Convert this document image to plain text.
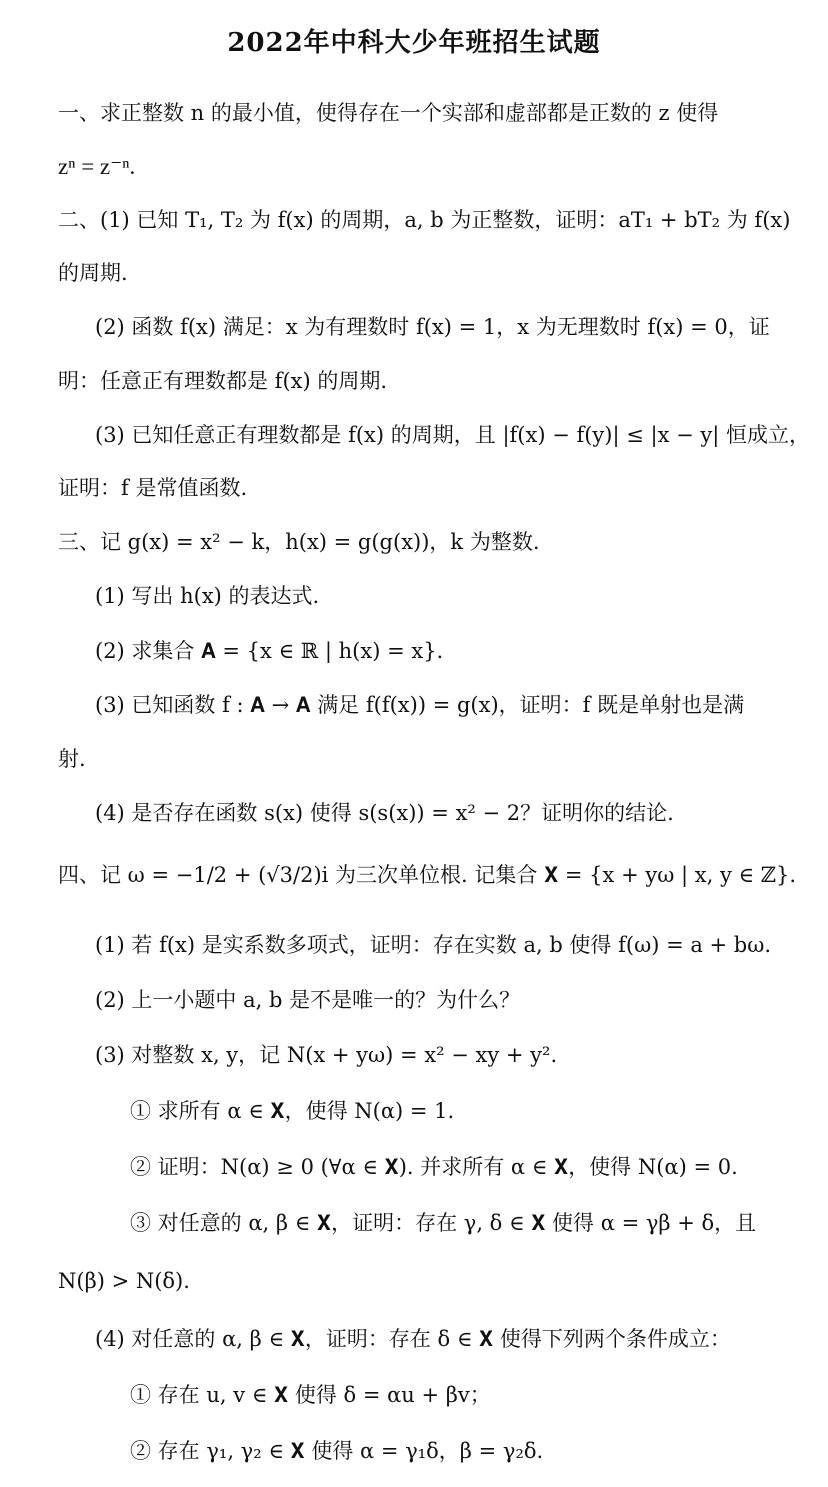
2022年中科大少年班招生试题
一、求正整数 n 的最小值，使得存在一个实部和虚部都是正数的 z 使得
zⁿ = z⁻ⁿ.
二、(1) 已知 T₁, T₂ 为 f(x) 的周期，a, b 为正整数，证明：aT₁ + bT₂ 为 f(x)
的周期.
(2) 函数 f(x) 满足：x 为有理数时 f(x) = 1，x 为无理数时 f(x) = 0，证
明：任意正有理数都是 f(x) 的周期.
(3) 已知任意正有理数都是 f(x) 的周期，且 |f(x) − f(y)| ≤ |x − y| 恒成立，
证明：f 是常值函数.
三、记 g(x) = x² − k，h(x) = g(g(x))，k 为整数.
(1) 写出 h(x) 的表达式.
(2) 求集合 𝐀 = {x ∈ ℝ | h(x) = x}.
(3) 已知函数 f : 𝐀 → 𝐀 满足 f(f(x)) = g(x)，证明：f 既是单射也是满
射.
(4) 是否存在函数 s(x) 使得 s(s(x)) = x² − 2？证明你的结论.
四、记 ω = −1/2 + (√3/2)i 为三次单位根. 记集合 𝐗 = {x + yω | x, y ∈ ℤ}.
(1) 若 f(x) 是实系数多项式，证明：存在实数 a, b 使得 f(ω) = a + bω.
(2) 上一小题中 a, b 是不是唯一的？为什么？
(3) 对整数 x, y，记 N(x + yω) = x² − xy + y².
① 求所有 α ∈ 𝐗，使得 N(α) = 1.
② 证明：N(α) ≥ 0 (∀α ∈ 𝐗). 并求所有 α ∈ 𝐗，使得 N(α) = 0.
③ 对任意的 α, β ∈ 𝐗，证明：存在 γ, δ ∈ 𝐗 使得 α = γβ + δ，且
N(β) > N(δ).
(4) 对任意的 α, β ∈ 𝐗，证明：存在 δ ∈ 𝐗 使得下列两个条件成立：
① 存在 u, v ∈ 𝐗 使得 δ = αu + βv；
② 存在 γ₁, γ₂ ∈ 𝐗 使得 α = γ₁δ，β = γ₂δ.
